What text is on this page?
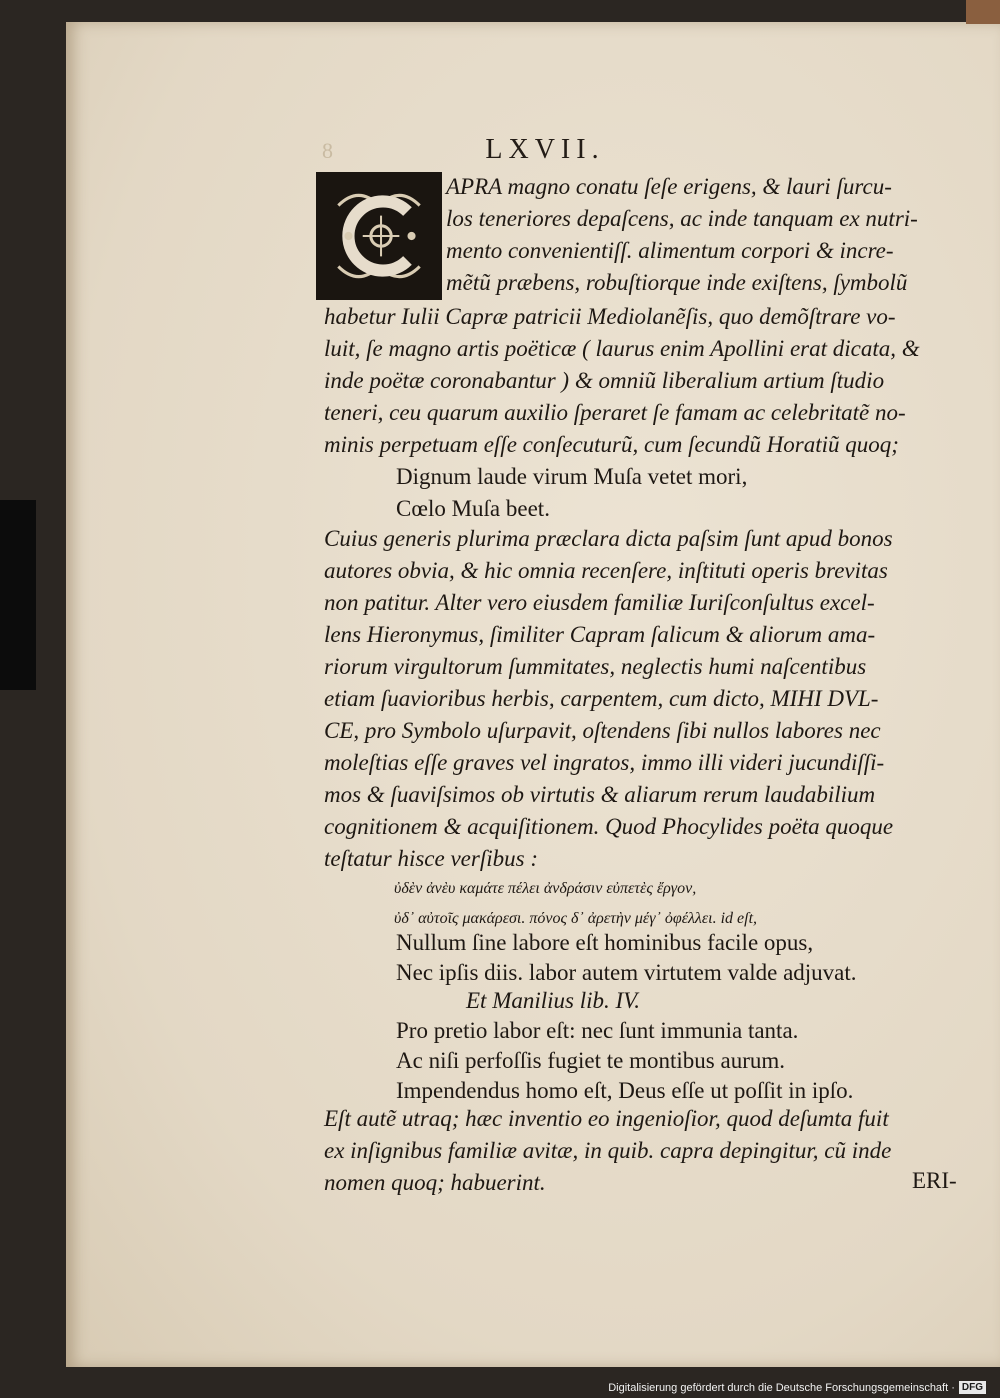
8	LXVII.
APRA magno conatu ſeſe erigens, & lauri ſurcu-
los teneriores depaſcens, ac inde tanquam ex nutri-
mento convenientiſſ. alimentum corpori & incre-
mẽtũ præbens, robuſtiorque inde exiſtens, ſymbolũ
habetur Iulii Capræ patricii Mediolanẽſis, quo demõſtrare vo-
luit, ſe magno artis poëticæ ( laurus enim Apollini erat dicata, &
inde poëtæ coronabantur ) & omniũ liberalium artium ſtudio
teneri, ceu quarum auxilio ſperaret ſe famam ac celebritatẽ no-
minis perpetuam eſſe conſecuturũ, cum ſecundũ Horatiũ quoq;
Dignum laude virum Muſa vetet mori,
Cœlo Muſa beet.
Cuius generis plurima præclara dicta paſsim ſunt apud bonos
autores obvia, & hic omnia recenſere, inſtituti operis brevitas
non patitur. Alter vero eiusdem familiæ Iuriſconſultus excel-
lens Hieronymus, ſimiliter Capram ſalicum & aliorum ama-
riorum virgultorum ſummitates, neglectis humi naſcentibus
etiam ſuavioribus herbis, carpentem, cum dicto, MIHI DVL-
CE, pro Symbolo uſurpavit, oſtendens ſibi nullos labores nec
moleſtias eſſe graves vel ingratos, immo illi videri jucundiſſi-
mos & ſuaviſsimos ob virtutis & aliarum rerum laudabilium
cognitionem & acquiſitionem. Quod Phocylides poëta quoque
teſtatur hisce verſibus :
ὐδὲν ἀνὲυ καμάτε πέλει ἀνδράσιν εὐπετὲς ἔργον,
ὐδ᾽ αὐτοῖς μακάρεσι. πόνος δ᾽ ἀρετὴν μέγ᾽ ὀφέλλει. id eſt,
Nullum ſine labore eſt hominibus facile opus,
Nec ipſis diis. labor autem virtutem valde adjuvat.
Et Manilius lib. IV.
Pro pretio labor eſt: nec ſunt immunia tanta.
Ac niſi perfoſſis fugiet te montibus aurum.
Impendendus homo eſt, Deus eſſe ut poſſit in ipſo.
Eſt autẽ utraq; hæc inventio eo ingenioſior, quod deſumta fuit
ex inſignibus familiæ avitæ, in quib. capra depingitur, cũ inde
nomen quoq; habuerint.	ERI-
Digitalisierung gefördert durch die Deutsche Forschungsgemeinschaft · DFG
